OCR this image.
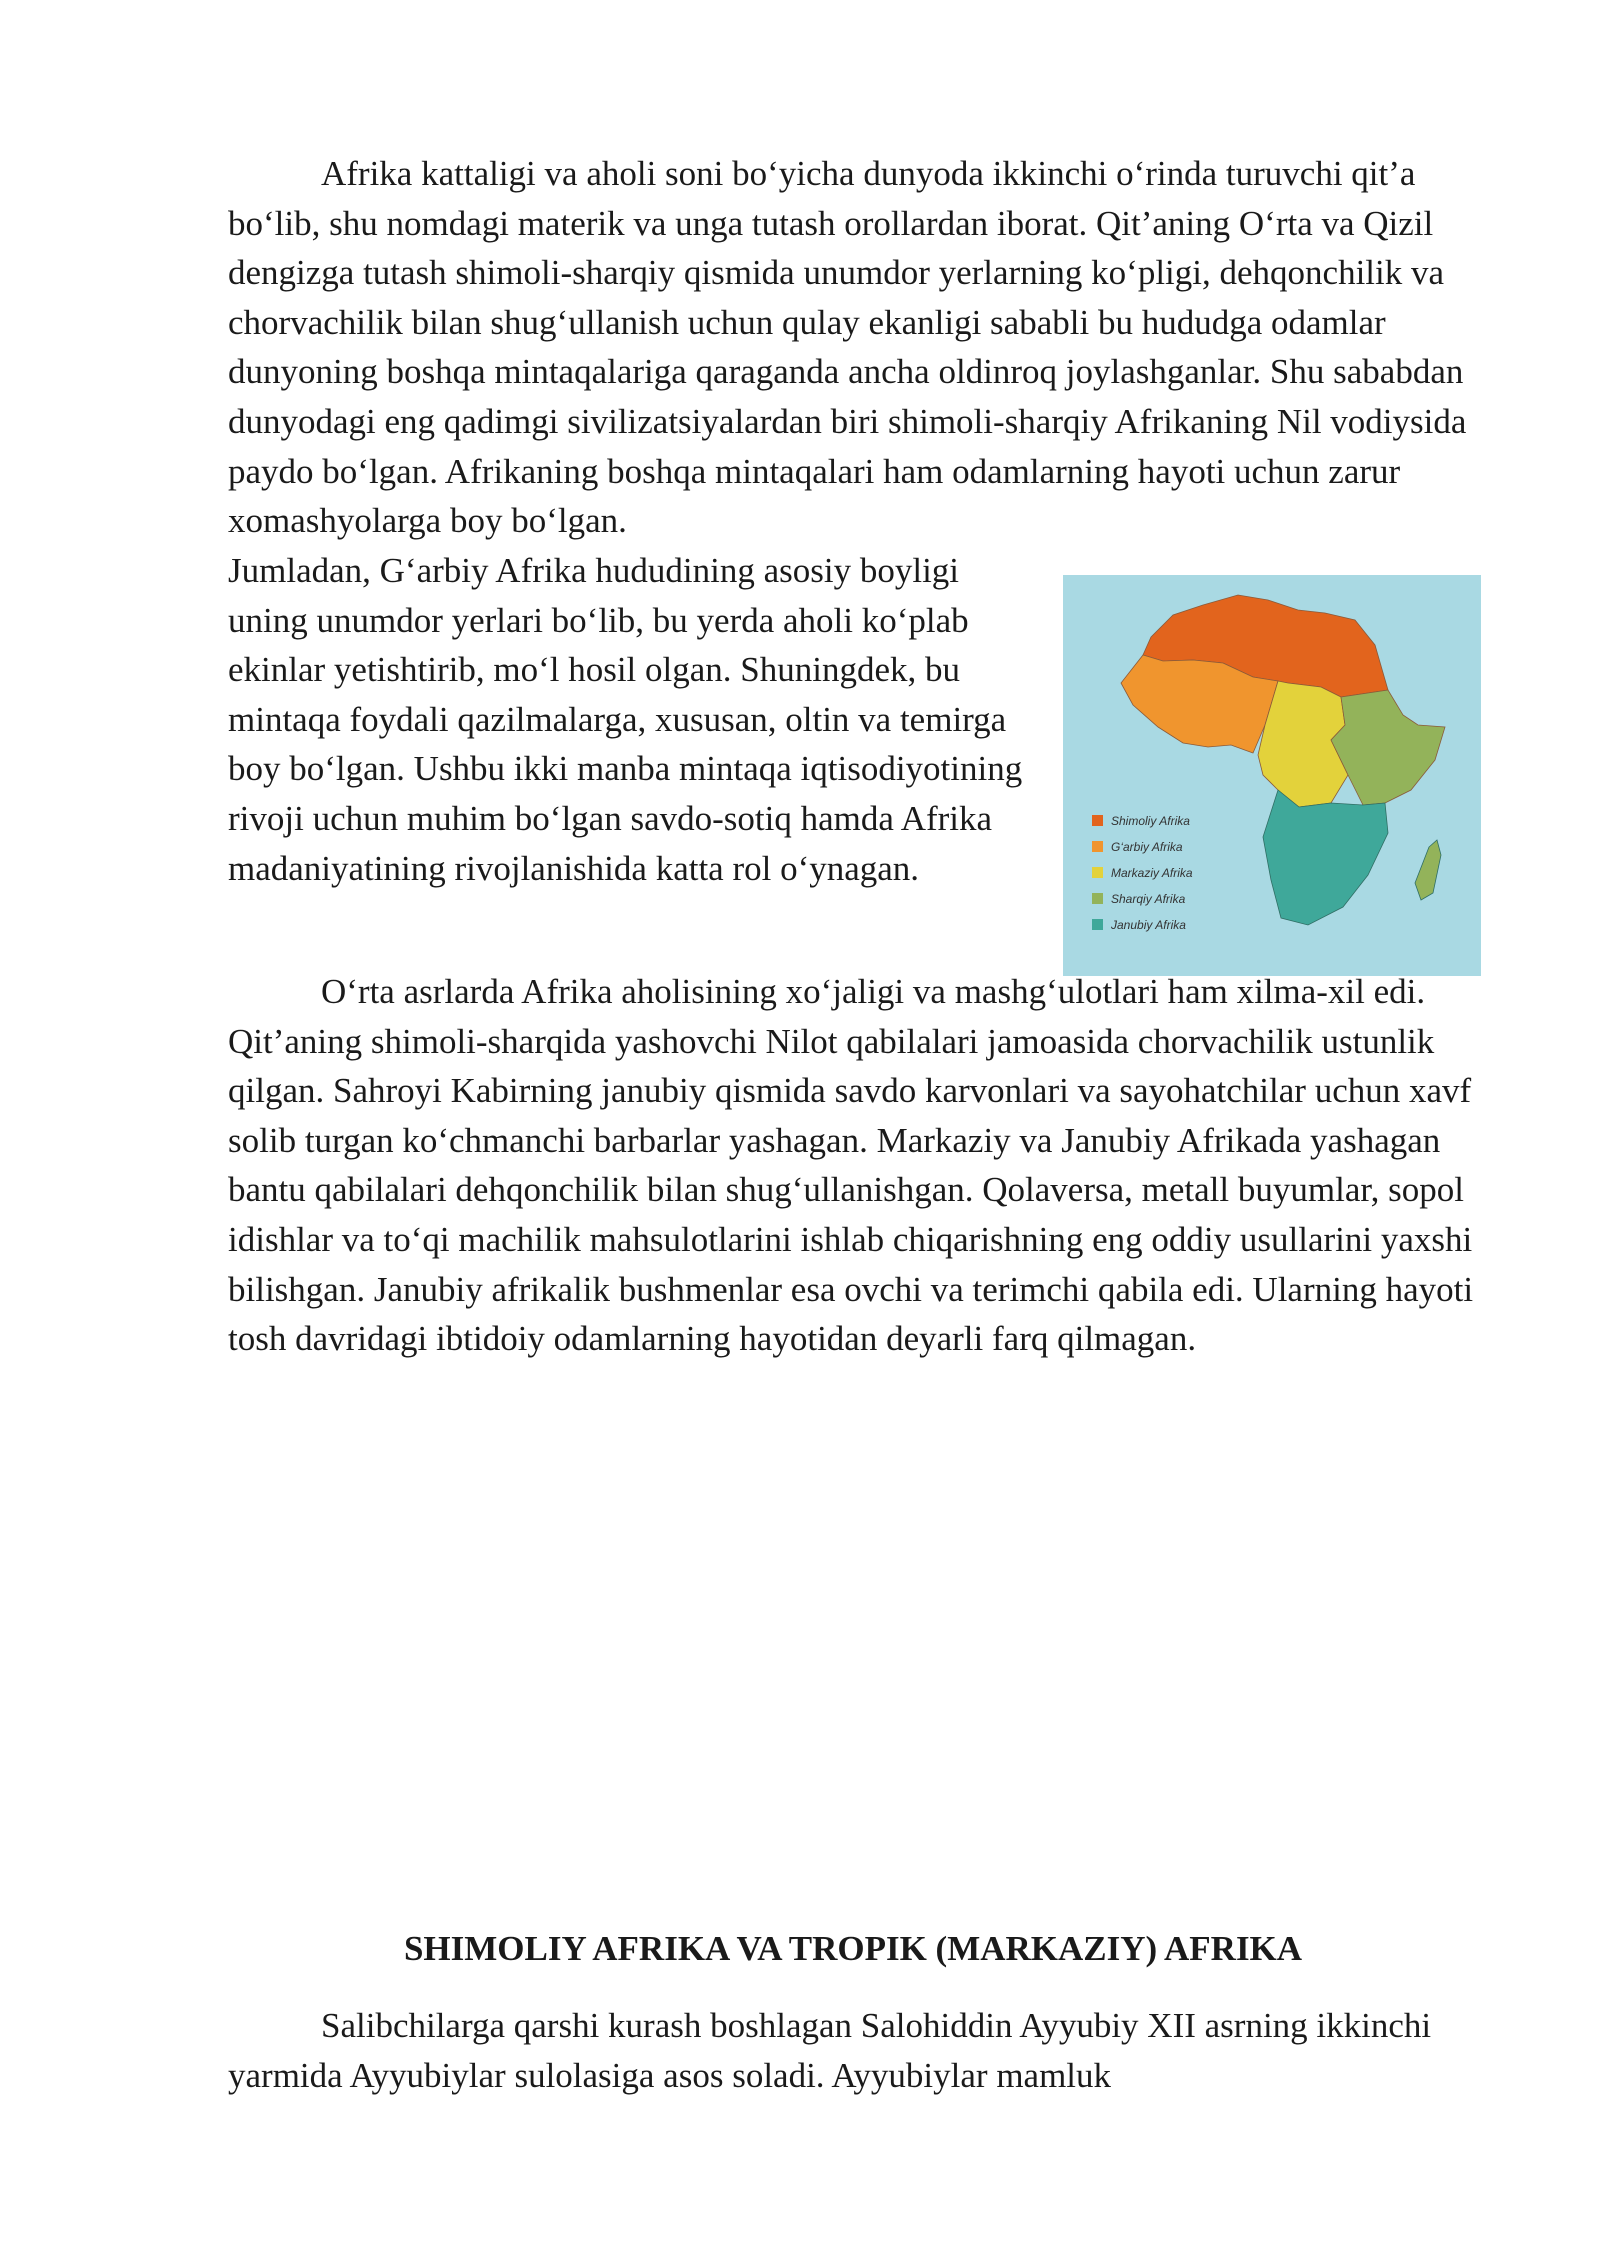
Afrika kattaligi va aholi soni bo‘yicha dunyoda ikkinchi o‘rinda turuvchi qit’a bo‘lib, shu nomdagi materik va unga tutash orollardan iborat. Qit’aning O‘rta va Qizil dengizga tutash shimoli-sharqiy qismida unumdor yerlarning ko‘pligi, dehqonchilik va chorvachilik bilan shug‘ullanish uchun qulay ekanligi sababli bu hududga odamlar dunyoning boshqa mintaqalariga qaraganda ancha oldinroq joylashganlar. Shu sababdan dunyodagi eng qadimgi sivilizatsiyalardan biri shimoli-sharqiy Afrikaning Nil vodiysida paydo bo‘lgan. Afrikaning boshqa mintaqalari ham odamlarning hayoti uchun zarur xomashyolarga boy bo‘lgan.

Jumladan, G‘arbiy Afrika hududining asosiy boyligi uning unumdor yerlari bo‘lib, bu yerda aholi ko‘plab ekinlar yetishtirib, mo‘l hosil olgan. Shuningdek, bu mintaqa foydali qazilmalarga, xususan, oltin va temirga boy bo‘lgan. Ushbu ikki manba mintaqa iqtisodiyotining rivoji uchun muhim bo‘lgan savdo-sotiq hamda Afrika madaniyatining rivojlanishida katta rol o‘ynagan.

Shimoliy Afrika
G‘arbiy Afrika
Markaziy Afrika
Sharqiy Afrika
Janubiy Afrika

O‘rta asrlarda Afrika aholisining xo‘jaligi va mashg‘ulotlari ham xilma-xil edi. Qit’aning shimoli-sharqida yashovchi Nilot qabilalari jamoasida chorvachilik ustunlik qilgan. Sahroyi Kabirning janubiy qismida savdo karvonlari va sayohatchilar uchun xavf solib turgan ko‘chmanchi barbarlar yashagan. Markaziy va Janubiy Afrikada yashagan bantu qabilalari dehqonchilik bilan shug‘ullanishgan. Qolaversa, metall buyumlar, sopol idishlar va to‘qi machilik mahsulotlarini ishlab chiqarishning eng oddiy usullarini yaxshi bilishgan. Janubiy afrikalik bushmenlar esa ovchi va terimchi qabila edi. Ularning hayoti tosh davridagi ibtidoiy odamlarning hayotidan deyarli farq qilmagan.

SHIMOLIY AFRIKA VA TROPIK (MARKAZIY) AFRIKA

Salibchilarga qarshi kurash boshlagan Salohiddin Ayyubiy XII asrning ikkinchi yarmida Ayyubiylar sulolasiga asos soladi. Ayyubiylar mamluk
